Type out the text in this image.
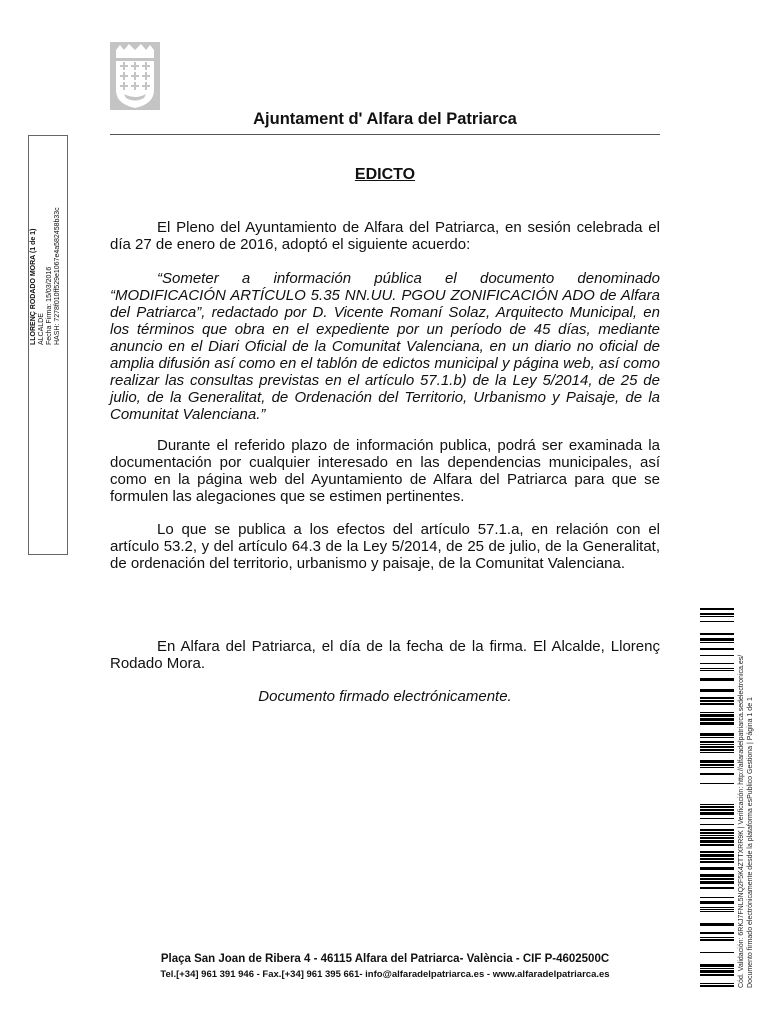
Ajuntament d' Alfara del Patriarca
EDICTO

El Pleno del Ayuntamiento de Alfara del Patriarca, en sesión celebrada el día 27 de enero de 2016, adoptó el siguiente acuerdo:

“Someter a información pública el documento denominado “MODIFICACIÓN ARTÍCULO 5.35 NN.UU. PGOU ZONIFICACIÓN ADO de Alfara del Patriarca”, redactado por D. Vicente Romaní Solaz, Arquitecto Municipal, en los términos que obra en el expediente por un período de 45 días, mediante anuncio en el Diari Oficial de la Comunitat Valenciana, en un diario no oficial de amplia difusión así como en el tablón de edictos municipal y página web, así como realizar las consultas previstas en el artículo 57.1.b) de la Ley 5/2014, de 25 de julio, de la Generalitat, de Ordenación del Territorio, Urbanismo y Paisaje, de la Comunitat Valenciana.”

Durante el referido plazo de información publica, podrá ser examinada la documentación por cualquier interesado en las dependencias municipales, así como en la página web del Ayuntamiento de Alfara del Patriarca para que se formulen las alegaciones que se estimen pertinentes.

Lo que se publica a los efectos del artículo 57.1.a, en relación con el artículo 53.2, y del artículo 64.3 de la Ley 5/2014, de 25 de julio, de la Generalitat, de ordenación del territorio, urbanismo y paisaje, de la Comunitat Valenciana.

En Alfara del Patriarca, el día de la fecha de la firma. El Alcalde, Llorenç Rodado Mora.

Documento firmado electrónicamente.
Plaça San Joan de Ribera 4 - 46115 Alfara del Patriarca- València - CIF P-4602500C
Tel.[+34] 961 391 946 - Fax.[+34] 961 395 661- info@alfaradelpatriarca.es - www.alfaradelpatriarca.es
LLORENÇ RODADO MORA (1 de 1) ALCALDE Fecha Firma: 15/03/2016 HASH: 7278f010ff529e1067e4a582458b33c
Cód. Validación: 6RKJ7FNL5NQ2F5K4ZTTXRR9K | Verificación: http://alfaradelpatriarca.sedelectronica.es/ Documento firmado electrónicamente desde la plataforma esPublico Gestiona | Página 1 de 1
